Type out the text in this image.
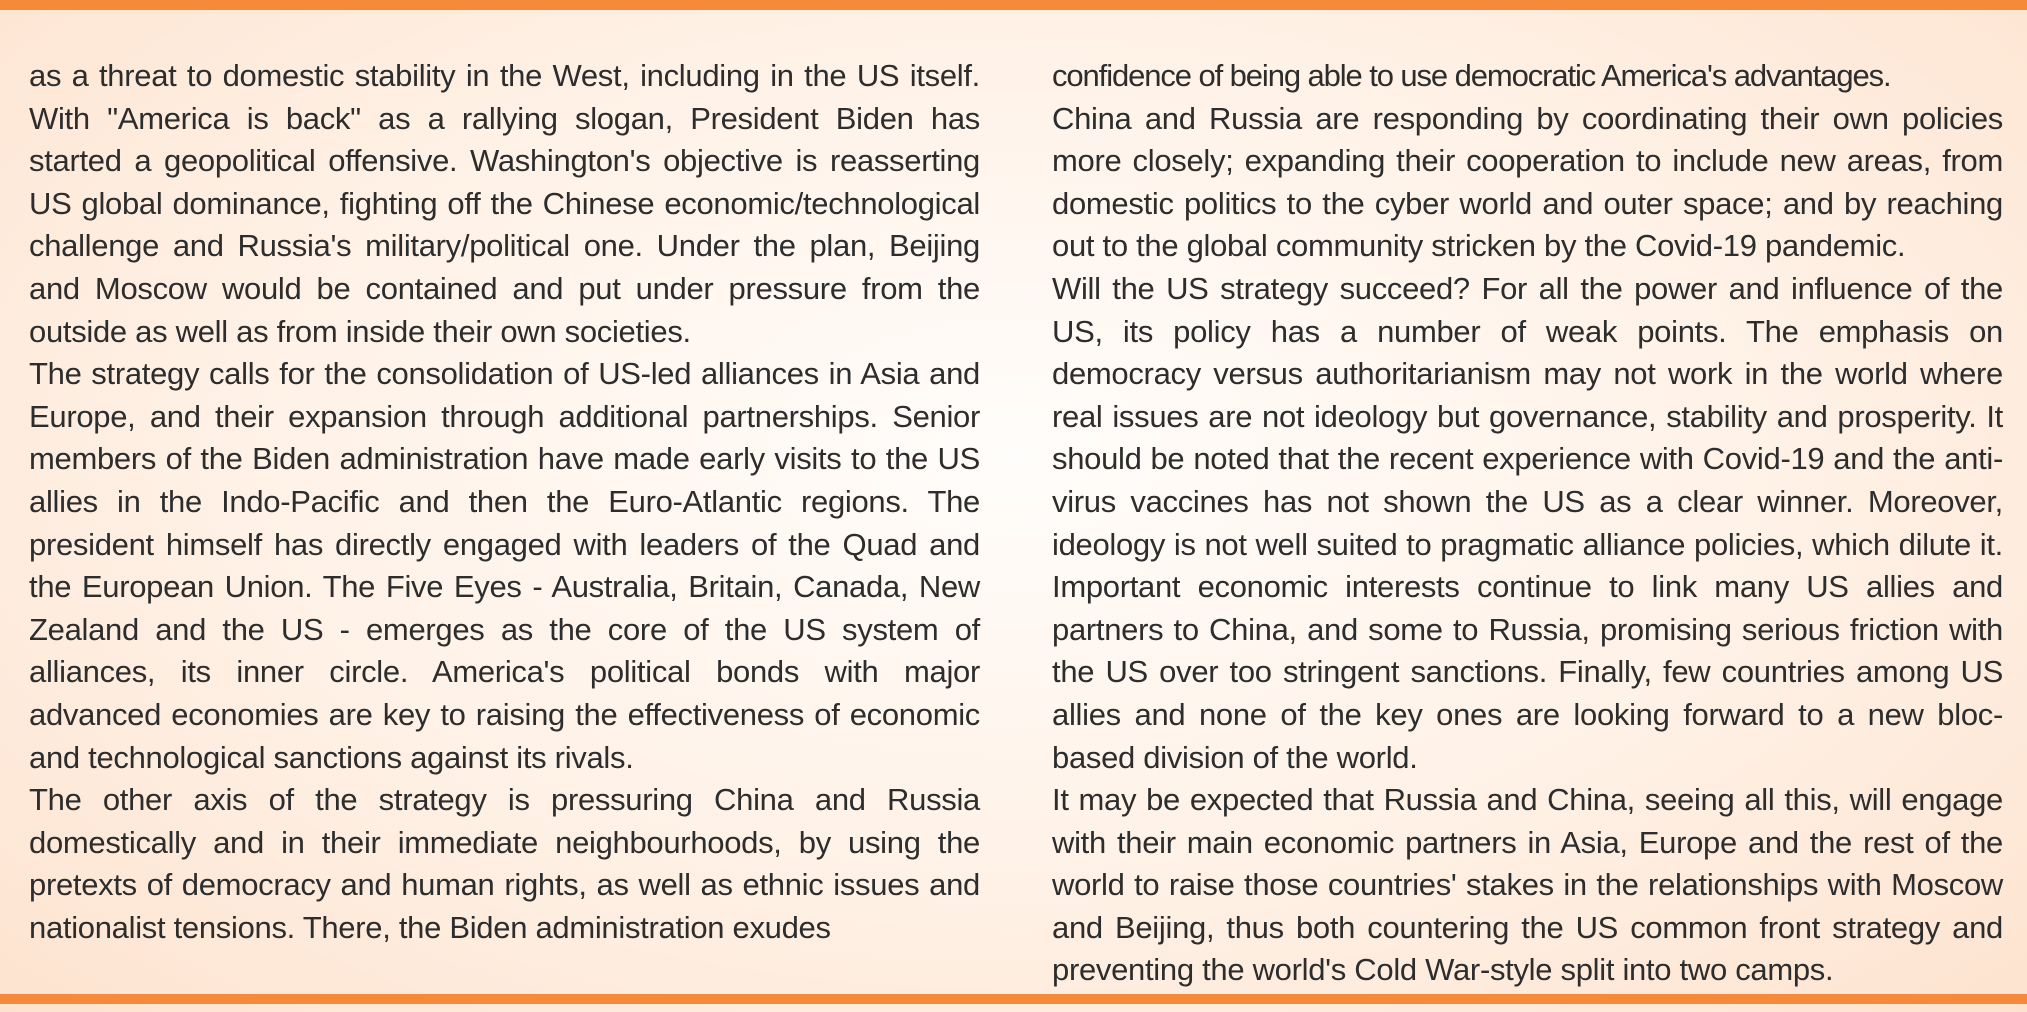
as a threat to domestic stability in the West, including in the US itself. With "America is back" as a rallying slogan, President Biden has started a geopolitical offensive. Washington's objective is reasserting US global dominance, fighting off the Chinese economic/technological challenge and Russia's military/political one. Under the plan, Beijing and Moscow would be contained and put under pressure from the outside as well as from inside their own societies.

The strategy calls for the consolidation of US-led alliances in Asia and Europe, and their expansion through additional partnerships. Senior members of the Biden administration have made early visits to the US allies in the Indo-Pacific and then the Euro-Atlantic regions. The president himself has directly engaged with leaders of the Quad and the European Union. The Five Eyes - Australia, Britain, Canada, New Zealand and the US - emerges as the core of the US system of alliances, its inner circle. America's political bonds with major advanced economies are key to raising the effectiveness of economic and technological sanctions against its rivals.

The other axis of the strategy is pressuring China and Russia domestically and in their immediate neighbourhoods, by using the pretexts of democracy and human rights, as well as ethnic issues and nationalist tensions. There, the Biden administration exudes

confidence of being able to use democratic America's advantages.

China and Russia are responding by coordinating their own policies more closely; expanding their cooperation to include new areas, from domestic politics to the cyber world and outer space; and by reaching out to the global community stricken by the Covid-19 pandemic.

Will the US strategy succeed? For all the power and influence of the US, its policy has a number of weak points. The emphasis on democracy versus authoritarianism may not work in the world where real issues are not ideology but governance, stability and prosperity. It should be noted that the recent experience with Covid-19 and the anti-virus vaccines has not shown the US as a clear winner. Moreover, ideology is not well suited to pragmatic alliance policies, which dilute it. Important economic interests continue to link many US allies and partners to China, and some to Russia, promising serious friction with the US over too stringent sanctions. Finally, few countries among US allies and none of the key ones are looking forward to a new bloc-based division of the world.

It may be expected that Russia and China, seeing all this, will engage with their main economic partners in Asia, Europe and the rest of the world to raise those countries' stakes in the relationships with Moscow and Beijing, thus both countering the US common front strategy and preventing the world's Cold War-style split into two camps.
